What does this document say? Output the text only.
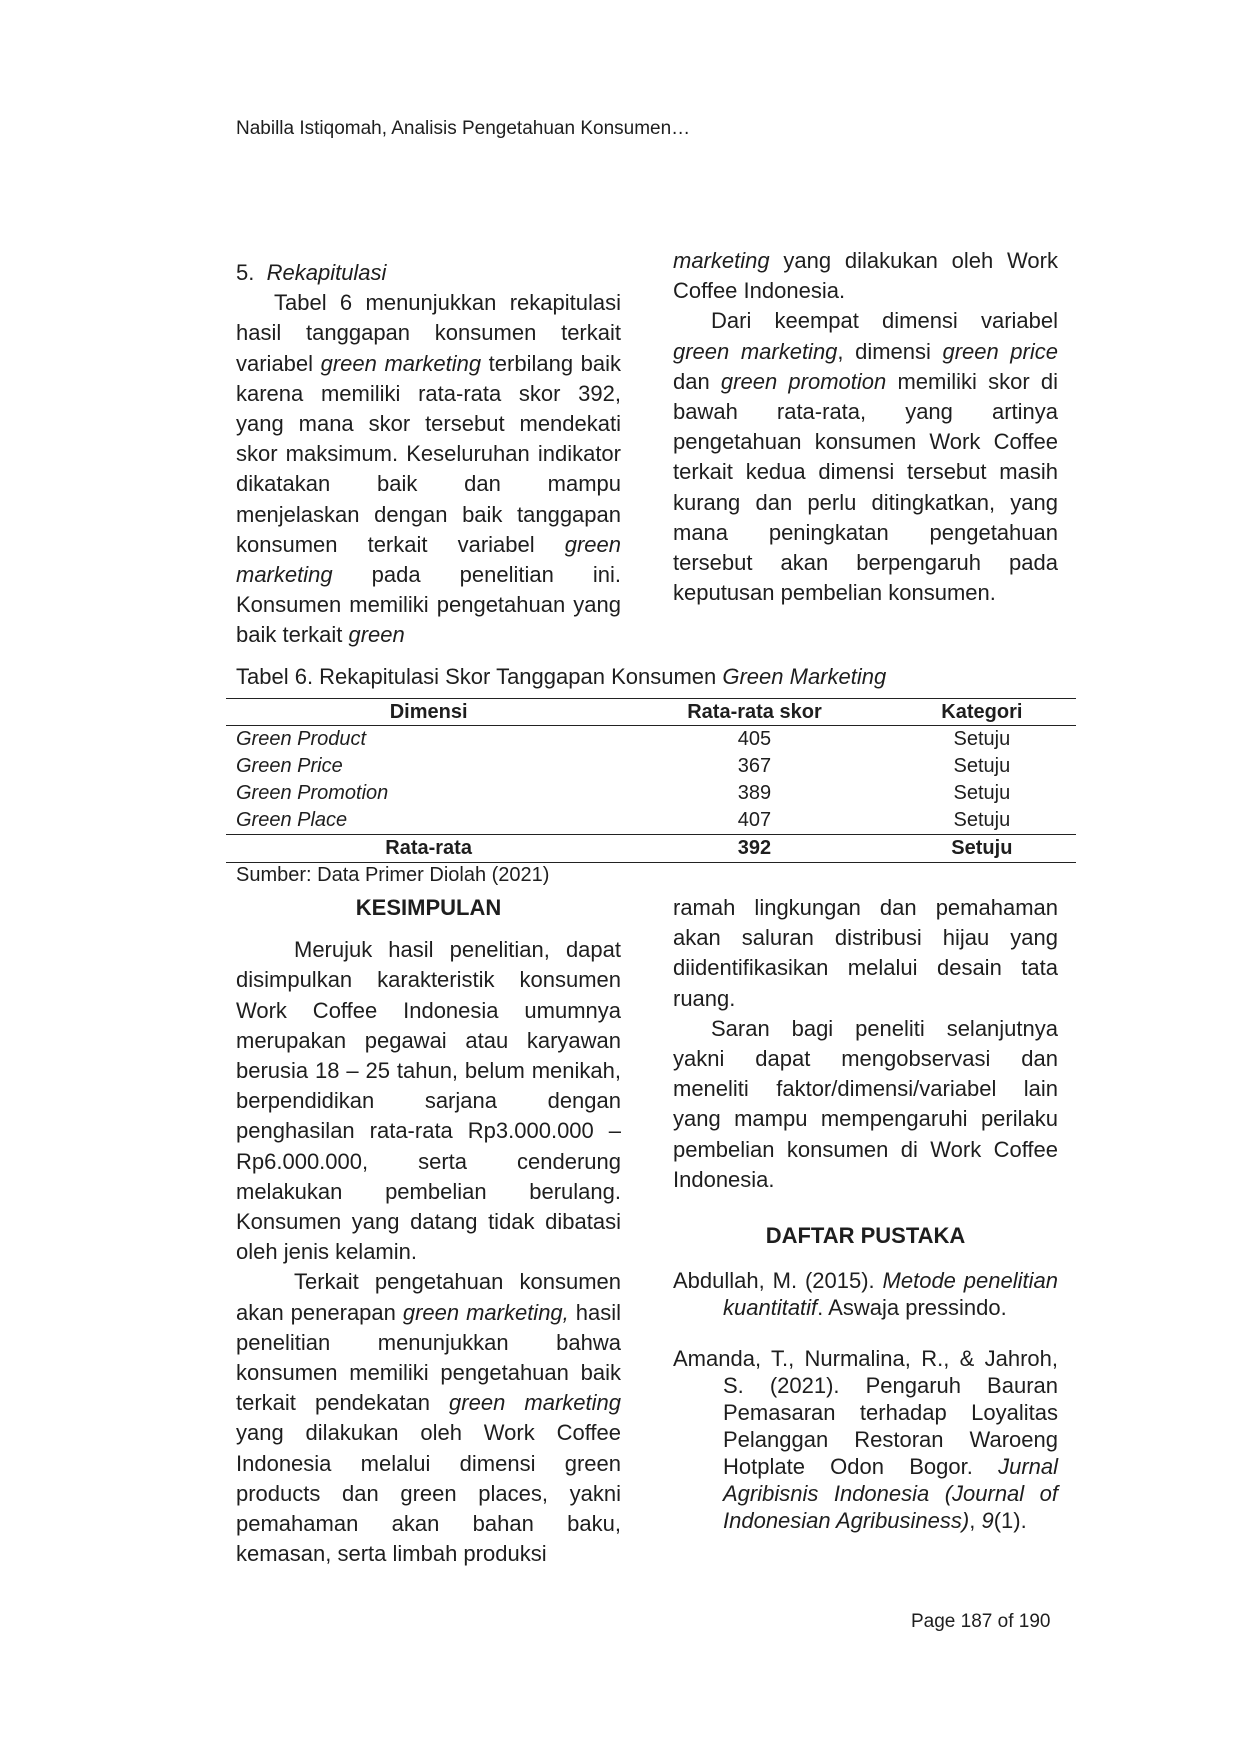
Nabilla Istiqomah, Analisis Pengetahuan Konsumen…

5. Rekapitulasi

Tabel 6 menunjukkan rekapitulasi hasil tanggapan konsumen terkait variabel green marketing terbilang baik karena memiliki rata-rata skor 392, yang mana skor tersebut mendekati skor maksimum. Keseluruhan indikator dikatakan baik dan mampu menjelaskan dengan baik tanggapan konsumen terkait variabel green marketing pada penelitian ini. Konsumen memiliki pengetahuan yang baik terkait green

marketing yang dilakukan oleh Work Coffee Indonesia.

Dari keempat dimensi variabel green marketing, dimensi green price dan green promotion memiliki skor di bawah rata-rata, yang artinya pengetahuan konsumen Work Coffee terkait kedua dimensi tersebut masih kurang dan perlu ditingkatkan, yang mana peningkatan pengetahuan tersebut akan berpengaruh pada keputusan pembelian konsumen.

Tabel 6. Rekapitulasi Skor Tanggapan Konsumen Green Marketing
Dimensi	Rata-rata skor	Kategori
Green Product	405	Setuju
Green Price	367	Setuju
Green Promotion	389	Setuju
Green Place	407	Setuju
Rata-rata	392	Setuju
Sumber: Data Primer Diolah (2021)

KESIMPULAN

Merujuk hasil penelitian, dapat disimpulkan karakteristik konsumen Work Coffee Indonesia umumnya merupakan pegawai atau karyawan berusia 18 – 25 tahun, belum menikah, berpendidikan sarjana dengan penghasilan rata-rata Rp3.000.000 – Rp6.000.000, serta cenderung melakukan pembelian berulang. Konsumen yang datang tidak dibatasi oleh jenis kelamin.

Terkait pengetahuan konsumen akan penerapan green marketing, hasil penelitian menunjukkan bahwa konsumen memiliki pengetahuan baik terkait pendekatan green marketing yang dilakukan oleh Work Coffee Indonesia melalui dimensi green products dan green places, yakni pemahaman akan bahan baku, kemasan, serta limbah produksi

ramah lingkungan dan pemahaman akan saluran distribusi hijau yang diidentifikasikan melalui desain tata ruang.

Saran bagi peneliti selanjutnya yakni dapat mengobservasi dan meneliti faktor/dimensi/variabel lain yang mampu mempengaruhi perilaku pembelian konsumen di Work Coffee Indonesia.

DAFTAR PUSTAKA

Abdullah, M. (2015). Metode penelitian kuantitatif. Aswaja pressindo.

Amanda, T., Nurmalina, R., & Jahroh, S. (2021). Pengaruh Bauran Pemasaran terhadap Loyalitas Pelanggan Restoran Waroeng Hotplate Odon Bogor. Jurnal Agribisnis Indonesia (Journal of Indonesian Agribusiness), 9(1).

Page 187 of 190
